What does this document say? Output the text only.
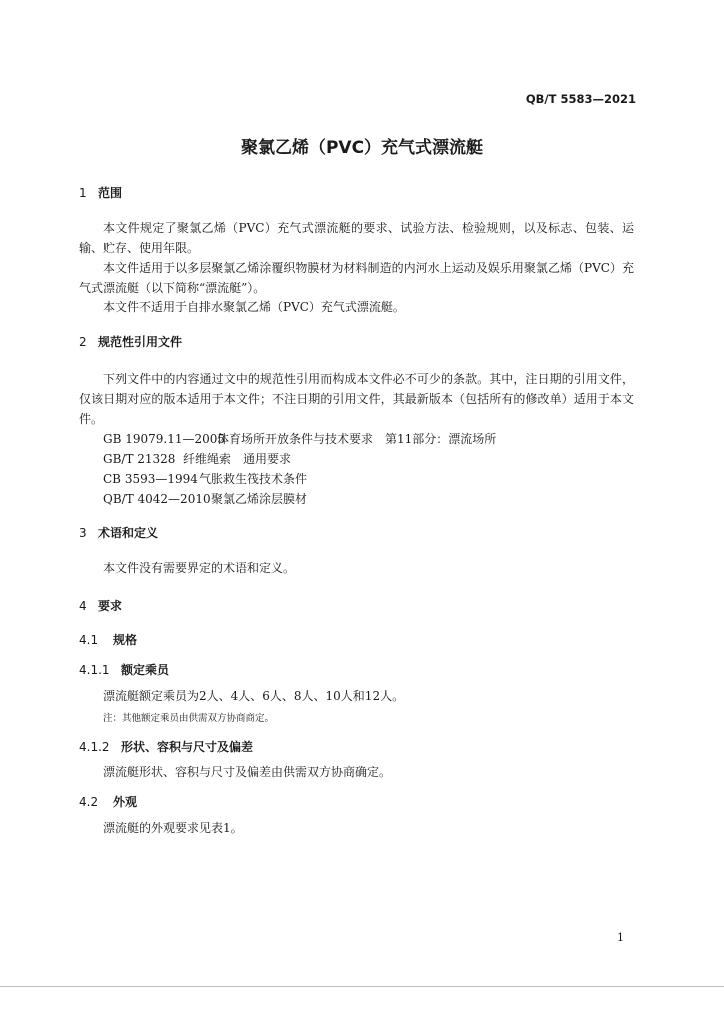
QB/T 5583—2021
聚氯乙烯（PVC）充气式漂流艇
1 范围
本文件规定了聚氯乙烯（PVC）充气式漂流艇的要求、试验方法、检验规则，以及标志、包装、运输、贮存、使用年限。
本文件适用于以多层聚氯乙烯涂覆织物膜材为材料制造的内河水上运动及娱乐用聚氯乙烯（PVC）充气式漂流艇（以下简称“漂流艇”）。
本文件不适用于自排水聚氯乙烯（PVC）充气式漂流艇。
2 规范性引用文件
下列文件中的内容通过文中的规范性引用而构成本文件必不可少的条款。其中，注日期的引用文件，仅该日期对应的版本适用于本文件；不注日期的引用文件，其最新版本（包括所有的修改单）适用于本文件。
GB 19079.11—2005体育场所开放条件与技术要求　第11部分：漂流场所
GB/T 21328 纤维绳索　通用要求
CB 3593—1994气胀救生筏技术条件
QB/T 4042—2010聚氯乙烯涂层膜材
3 术语和定义
本文件没有需要界定的术语和定义。
4 要求
4.1 规格
4.1.1 额定乘员
漂流艇额定乘员为2人、4人、6人、8人、10人和12人。
注：其他额定乘员由供需双方协商商定。
4.1.2 形状、容积与尺寸及偏差
漂流艇形状、容积与尺寸及偏差由供需双方协商确定。
4.2 外观
漂流艇的外观要求见表1。
1
